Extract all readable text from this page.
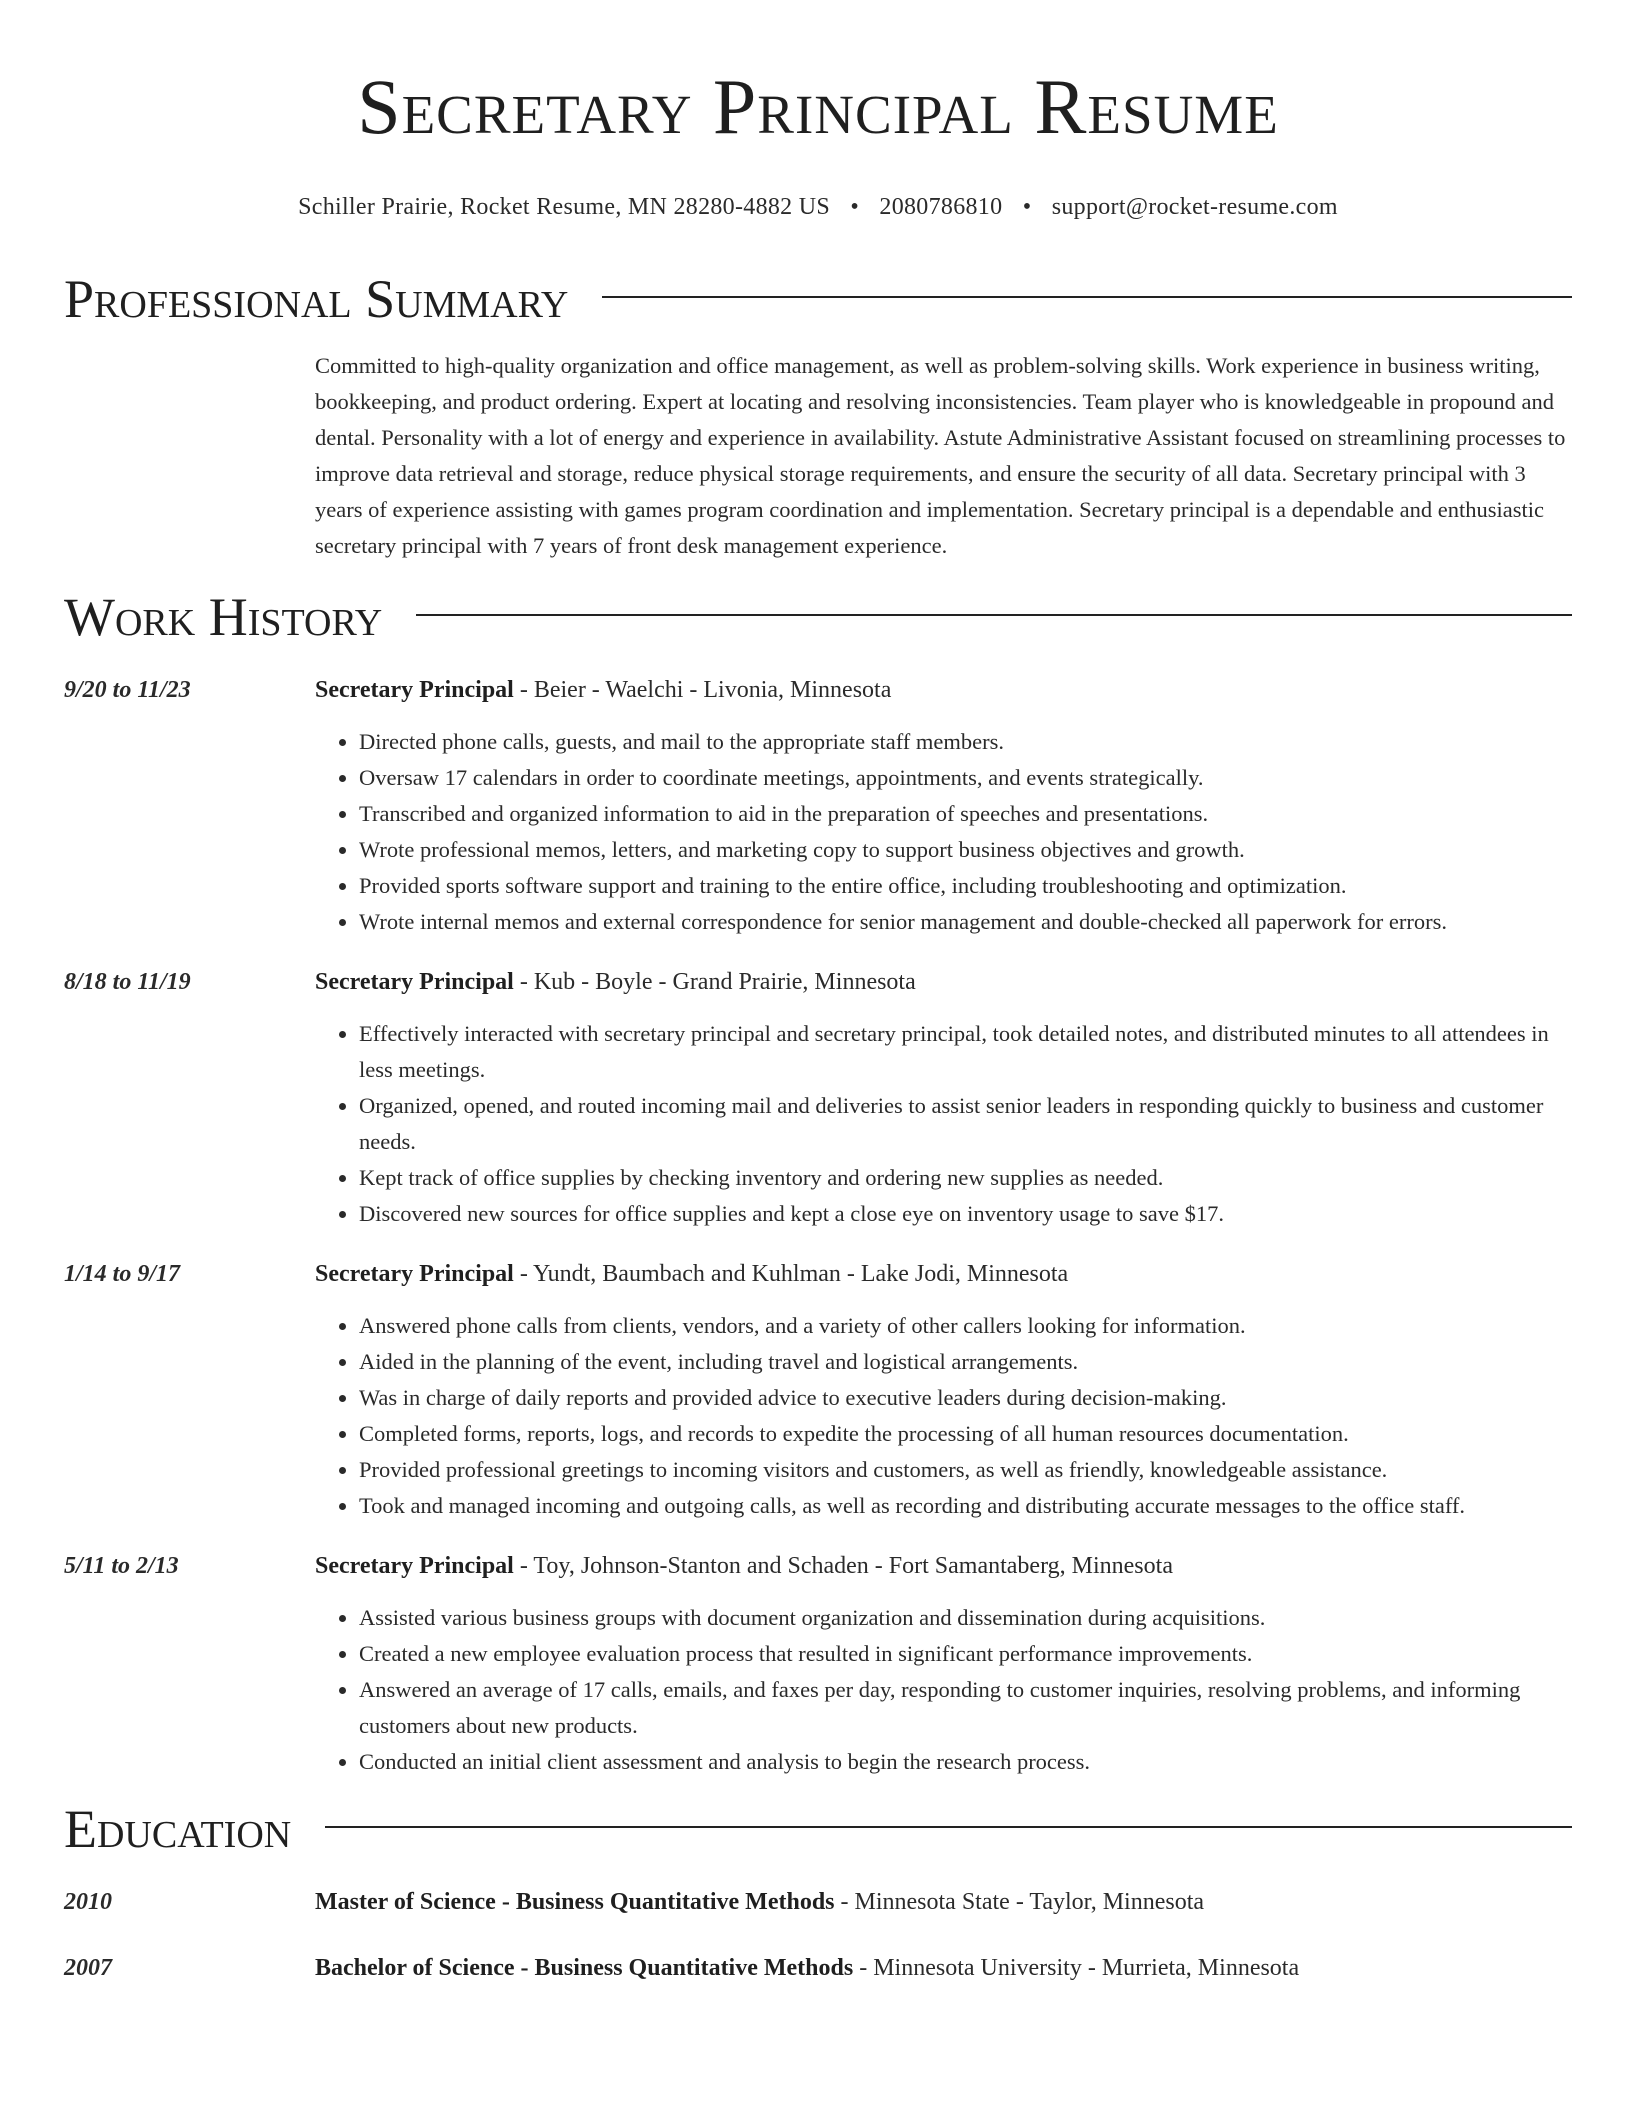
Secretary Principal Resume
Schiller Prairie, Rocket Resume, MN 28280-4882 US • 2080786810 • support@rocket-resume.com
Professional Summary
Committed to high-quality organization and office management, as well as problem-solving skills. Work experience in business writing, bookkeeping, and product ordering. Expert at locating and resolving inconsistencies. Team player who is knowledgeable in propound and dental. Personality with a lot of energy and experience in availability. Astute Administrative Assistant focused on streamlining processes to improve data retrieval and storage, reduce physical storage requirements, and ensure the security of all data. Secretary principal with 3 years of experience assisting with games program coordination and implementation. Secretary principal is a dependable and enthusiastic secretary principal with 7 years of front desk management experience.
Work History
9/20 to 11/23	Secretary Principal - Beier - Waelchi - Livonia, Minnesota
• Directed phone calls, guests, and mail to the appropriate staff members.
• Oversaw 17 calendars in order to coordinate meetings, appointments, and events strategically.
• Transcribed and organized information to aid in the preparation of speeches and presentations.
• Wrote professional memos, letters, and marketing copy to support business objectives and growth.
• Provided sports software support and training to the entire office, including troubleshooting and optimization.
• Wrote internal memos and external correspondence for senior management and double-checked all paperwork for errors.
8/18 to 11/19	Secretary Principal - Kub - Boyle - Grand Prairie, Minnesota
• Effectively interacted with secretary principal and secretary principal, took detailed notes, and distributed minutes to all attendees in less meetings.
• Organized, opened, and routed incoming mail and deliveries to assist senior leaders in responding quickly to business and customer needs.
• Kept track of office supplies by checking inventory and ordering new supplies as needed.
• Discovered new sources for office supplies and kept a close eye on inventory usage to save $17.
1/14 to 9/17	Secretary Principal - Yundt, Baumbach and Kuhlman - Lake Jodi, Minnesota
• Answered phone calls from clients, vendors, and a variety of other callers looking for information.
• Aided in the planning of the event, including travel and logistical arrangements.
• Was in charge of daily reports and provided advice to executive leaders during decision-making.
• Completed forms, reports, logs, and records to expedite the processing of all human resources documentation.
• Provided professional greetings to incoming visitors and customers, as well as friendly, knowledgeable assistance.
• Took and managed incoming and outgoing calls, as well as recording and distributing accurate messages to the office staff.
5/11 to 2/13	Secretary Principal - Toy, Johnson-Stanton and Schaden - Fort Samantaberg, Minnesota
• Assisted various business groups with document organization and dissemination during acquisitions.
• Created a new employee evaluation process that resulted in significant performance improvements.
• Answered an average of 17 calls, emails, and faxes per day, responding to customer inquiries, resolving problems, and informing customers about new products.
• Conducted an initial client assessment and analysis to begin the research process.
Education
2010	Master of Science - Business Quantitative Methods - Minnesota State - Taylor, Minnesota
2007	Bachelor of Science - Business Quantitative Methods - Minnesota University - Murrieta, Minnesota
